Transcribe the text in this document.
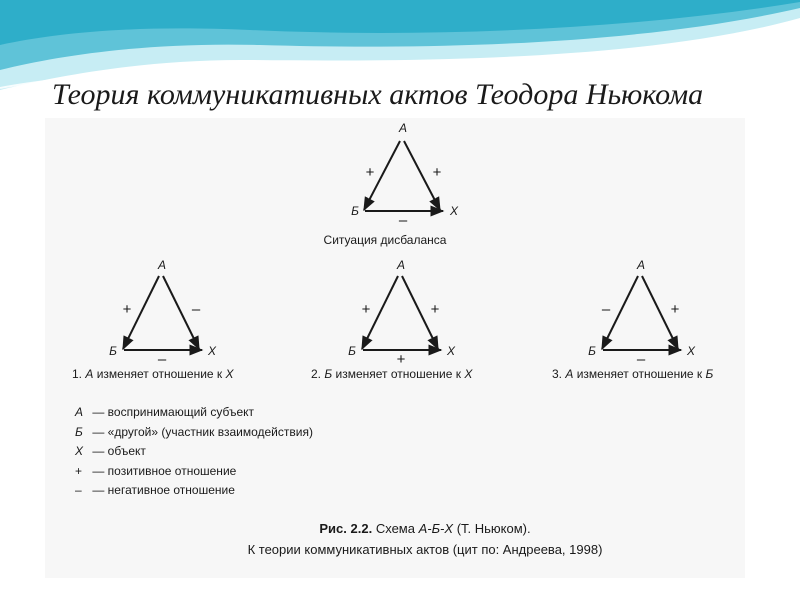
Теория коммуникативных актов Теодора Ньюкома
А
Б	Х
+	+
–
Ситуация дисбаланса
А
Б	Х
+	–
–
1. А изменяет отношение к Х
А
Б	Х
+	+
+
2. Б изменяет отношение к Х
А
Б	Х
–	+
–
3. А изменяет отношение к Б
А — воспринимающий субъект
Б — «другой» (участник взаимодействия)
Х — объект
+ — позитивное отношение
– — негативное отношение
Рис. 2.2. Схема А-Б-Х (Т. Ньюком).
К теории коммуникативных актов (цит по: Андреева, 1998)
